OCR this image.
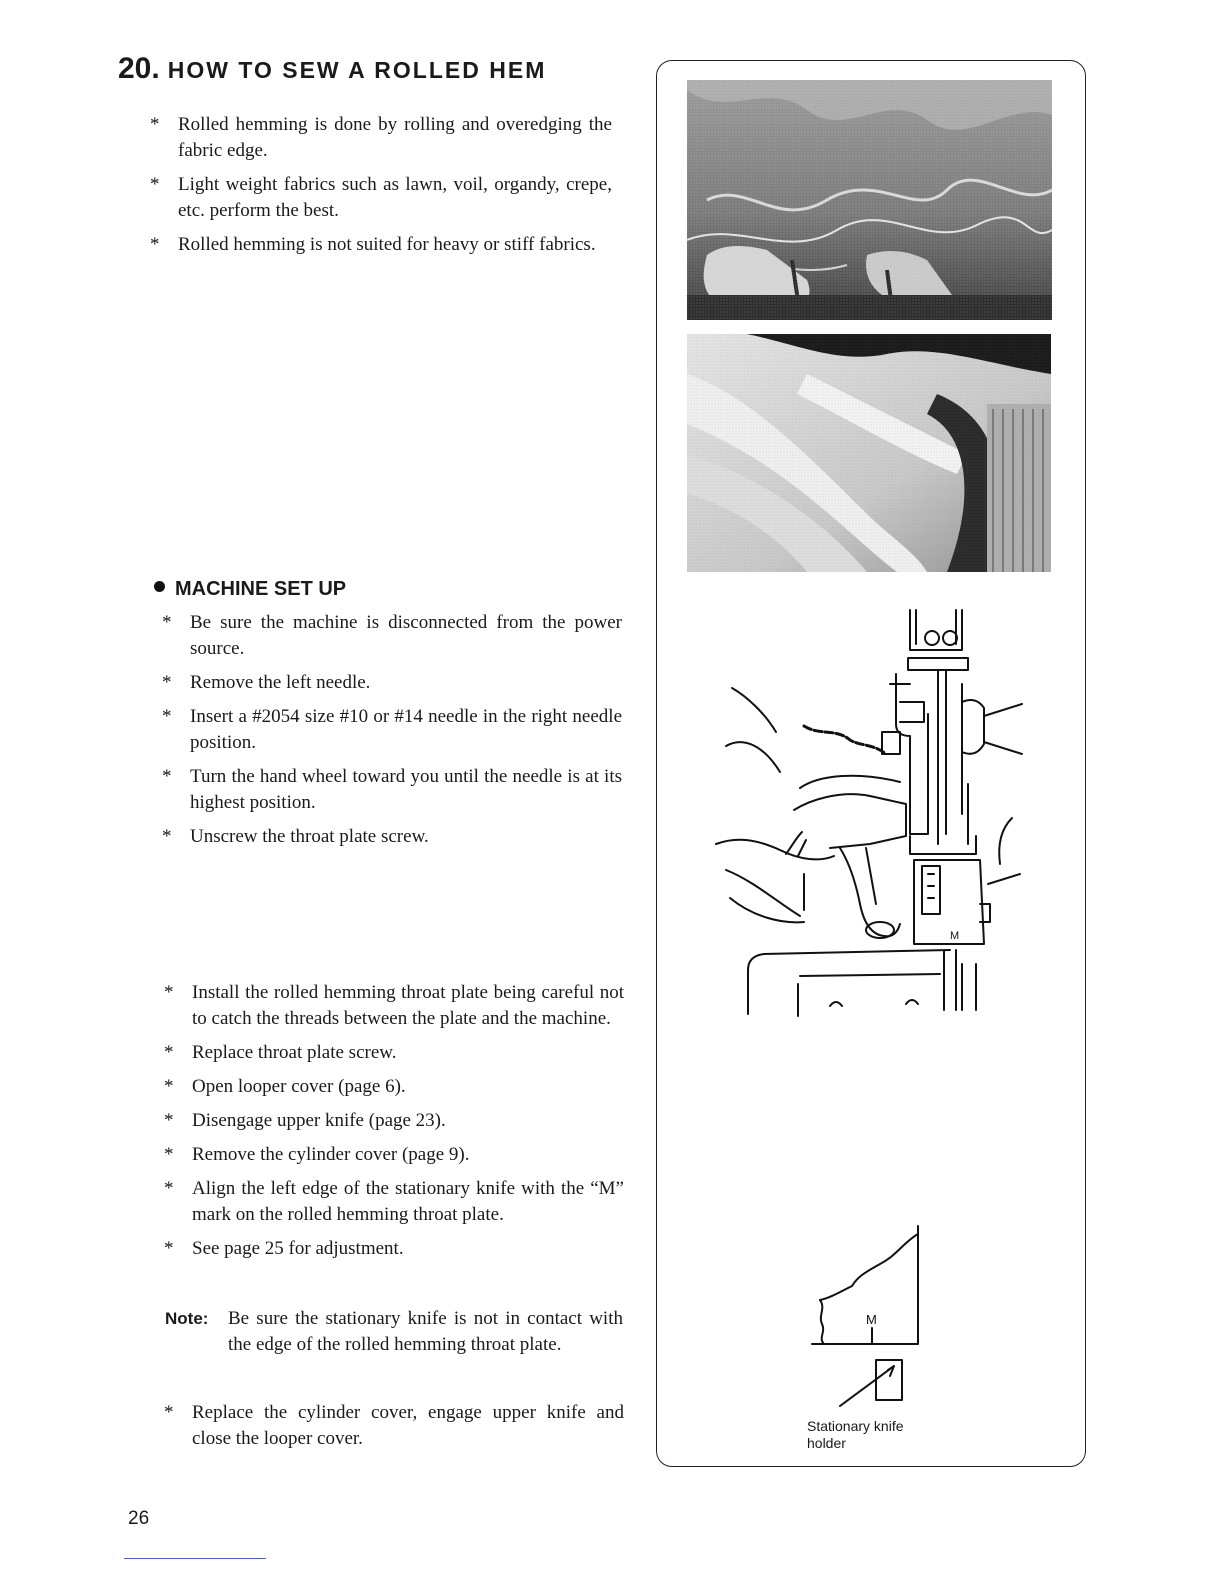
20. HOW TO SEW A ROLLED HEM
* Rolled hemming is done by rolling and overedging the fabric edge.
* Light weight fabrics such as lawn, voil, organdy, crepe, etc. perform the best.
* Rolled hemming is not suited for heavy or stiff fabrics.
MACHINE SET UP
* Be sure the machine is disconnected from the power source.
* Remove the left needle.
* Insert a #2054 size #10 or #14 needle in the right needle position.
* Turn the hand wheel toward you until the needle is at its highest position.
* Unscrew the throat plate screw.
* Install the rolled hemming throat plate being careful not to catch the threads between the plate and the machine.
* Replace throat plate screw.
* Open looper cover (page 6).
* Disengage upper knife (page 23).
* Remove the cylinder cover (page 9).
* Align the left edge of the stationary knife with the “M” mark on the rolled hemming throat plate.
* See page 25 for adjustment.
Note: Be sure the stationary knife is not in contact with the edge of the rolled hemming throat plate.
* Replace the cylinder cover, engage upper knife and close the looper cover.
26
M
M
Stationary knife
holder
